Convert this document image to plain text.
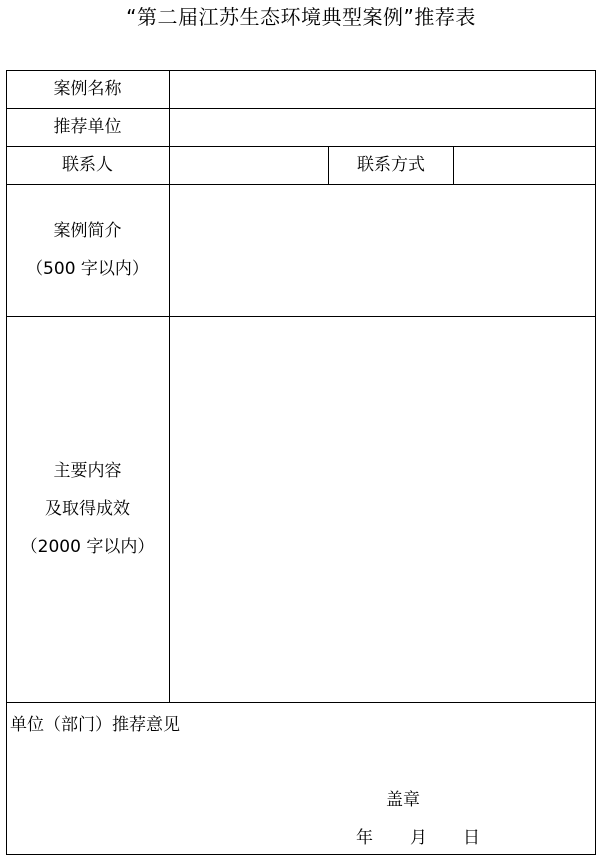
“第二届江苏生态环境典型案例”推荐表
案例名称
推荐单位
联系人	联系方式
案例简介
（500 字以内）
主要内容
及取得成效
（2000 字以内）
单位（部门）推荐意见
盖章
年 月 日
